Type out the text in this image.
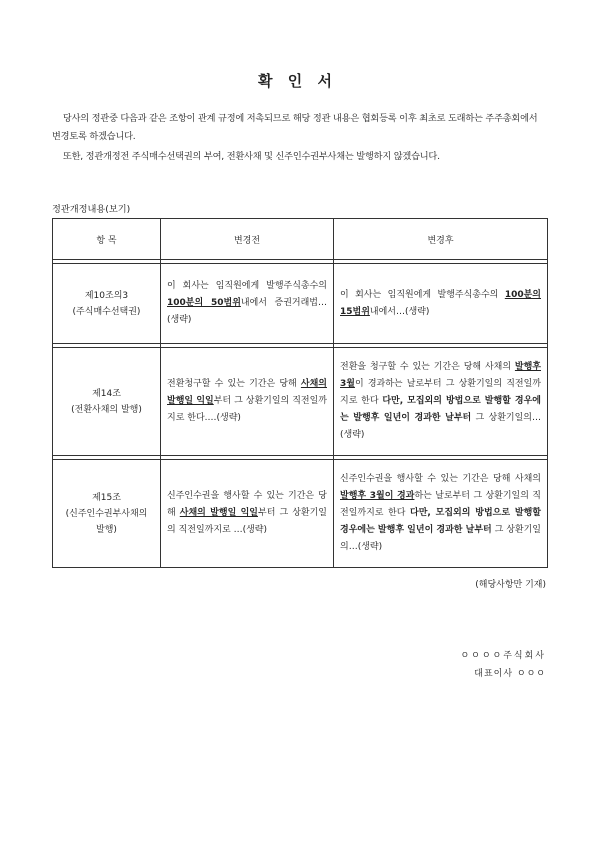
확 인 서
당사의 정관중 다음과 같은 조항이 관계 규정에 저촉되므로 해당 정관 내용은 협회등록 이후 최초로 도래하는 주주총회에서 변경토록 하겠습니다.
또한, 정관개정전 주식매수선택권의 부여, 전환사채 및 신주인수권부사채는 발행하지 않겠습니다.
정관개정내용(보기)
항 목	변경전	변경후

제10조의3
(주식매수선택권)	이 회사는 임직원에게 발행주식총수의 100분의 50범위내에서 증권거래법…(생략)	이 회사는 임직원에게 발행주식총수의 100분의 15범위내에서…(생략)

제14조
(전환사채의 발행)	전환청구할 수 있는 기간은 당해 사채의 발행일 익일부터 그 상환기일의 직전일까지로 한다.…(생략)	전환을 청구할 수 있는 기간은 당해 사채의 발행후 3월이 경과하는 날로부터 그 상환기일의 직전일까지로 한다 다만, 모집외의 방법으로 발행할 경우에는 발행후 일년이 경과한 날부터 그 상환기일의…(생략)

제15조
(신주인수권부사채의 발행)	신주인수권을 행사할 수 있는 기간은 당해 사채의 발행일 익일부터 그 상환기일의 직전일까지로 …(생략)	신주인수권을 행사할 수 있는 기간은 당해 사채의 발행후 3월이 경과하는 날로부터 그 상환기일의 직전일까지로 한다 다만, 모집외의 방법으로 발행할 경우에는 발행후 일년이 경과한 날부터 그 상환기일의…(생략)
(해당사항만 기재)
ㅇㅇㅇㅇ주식회사
대표이사 ㅇㅇㅇ
